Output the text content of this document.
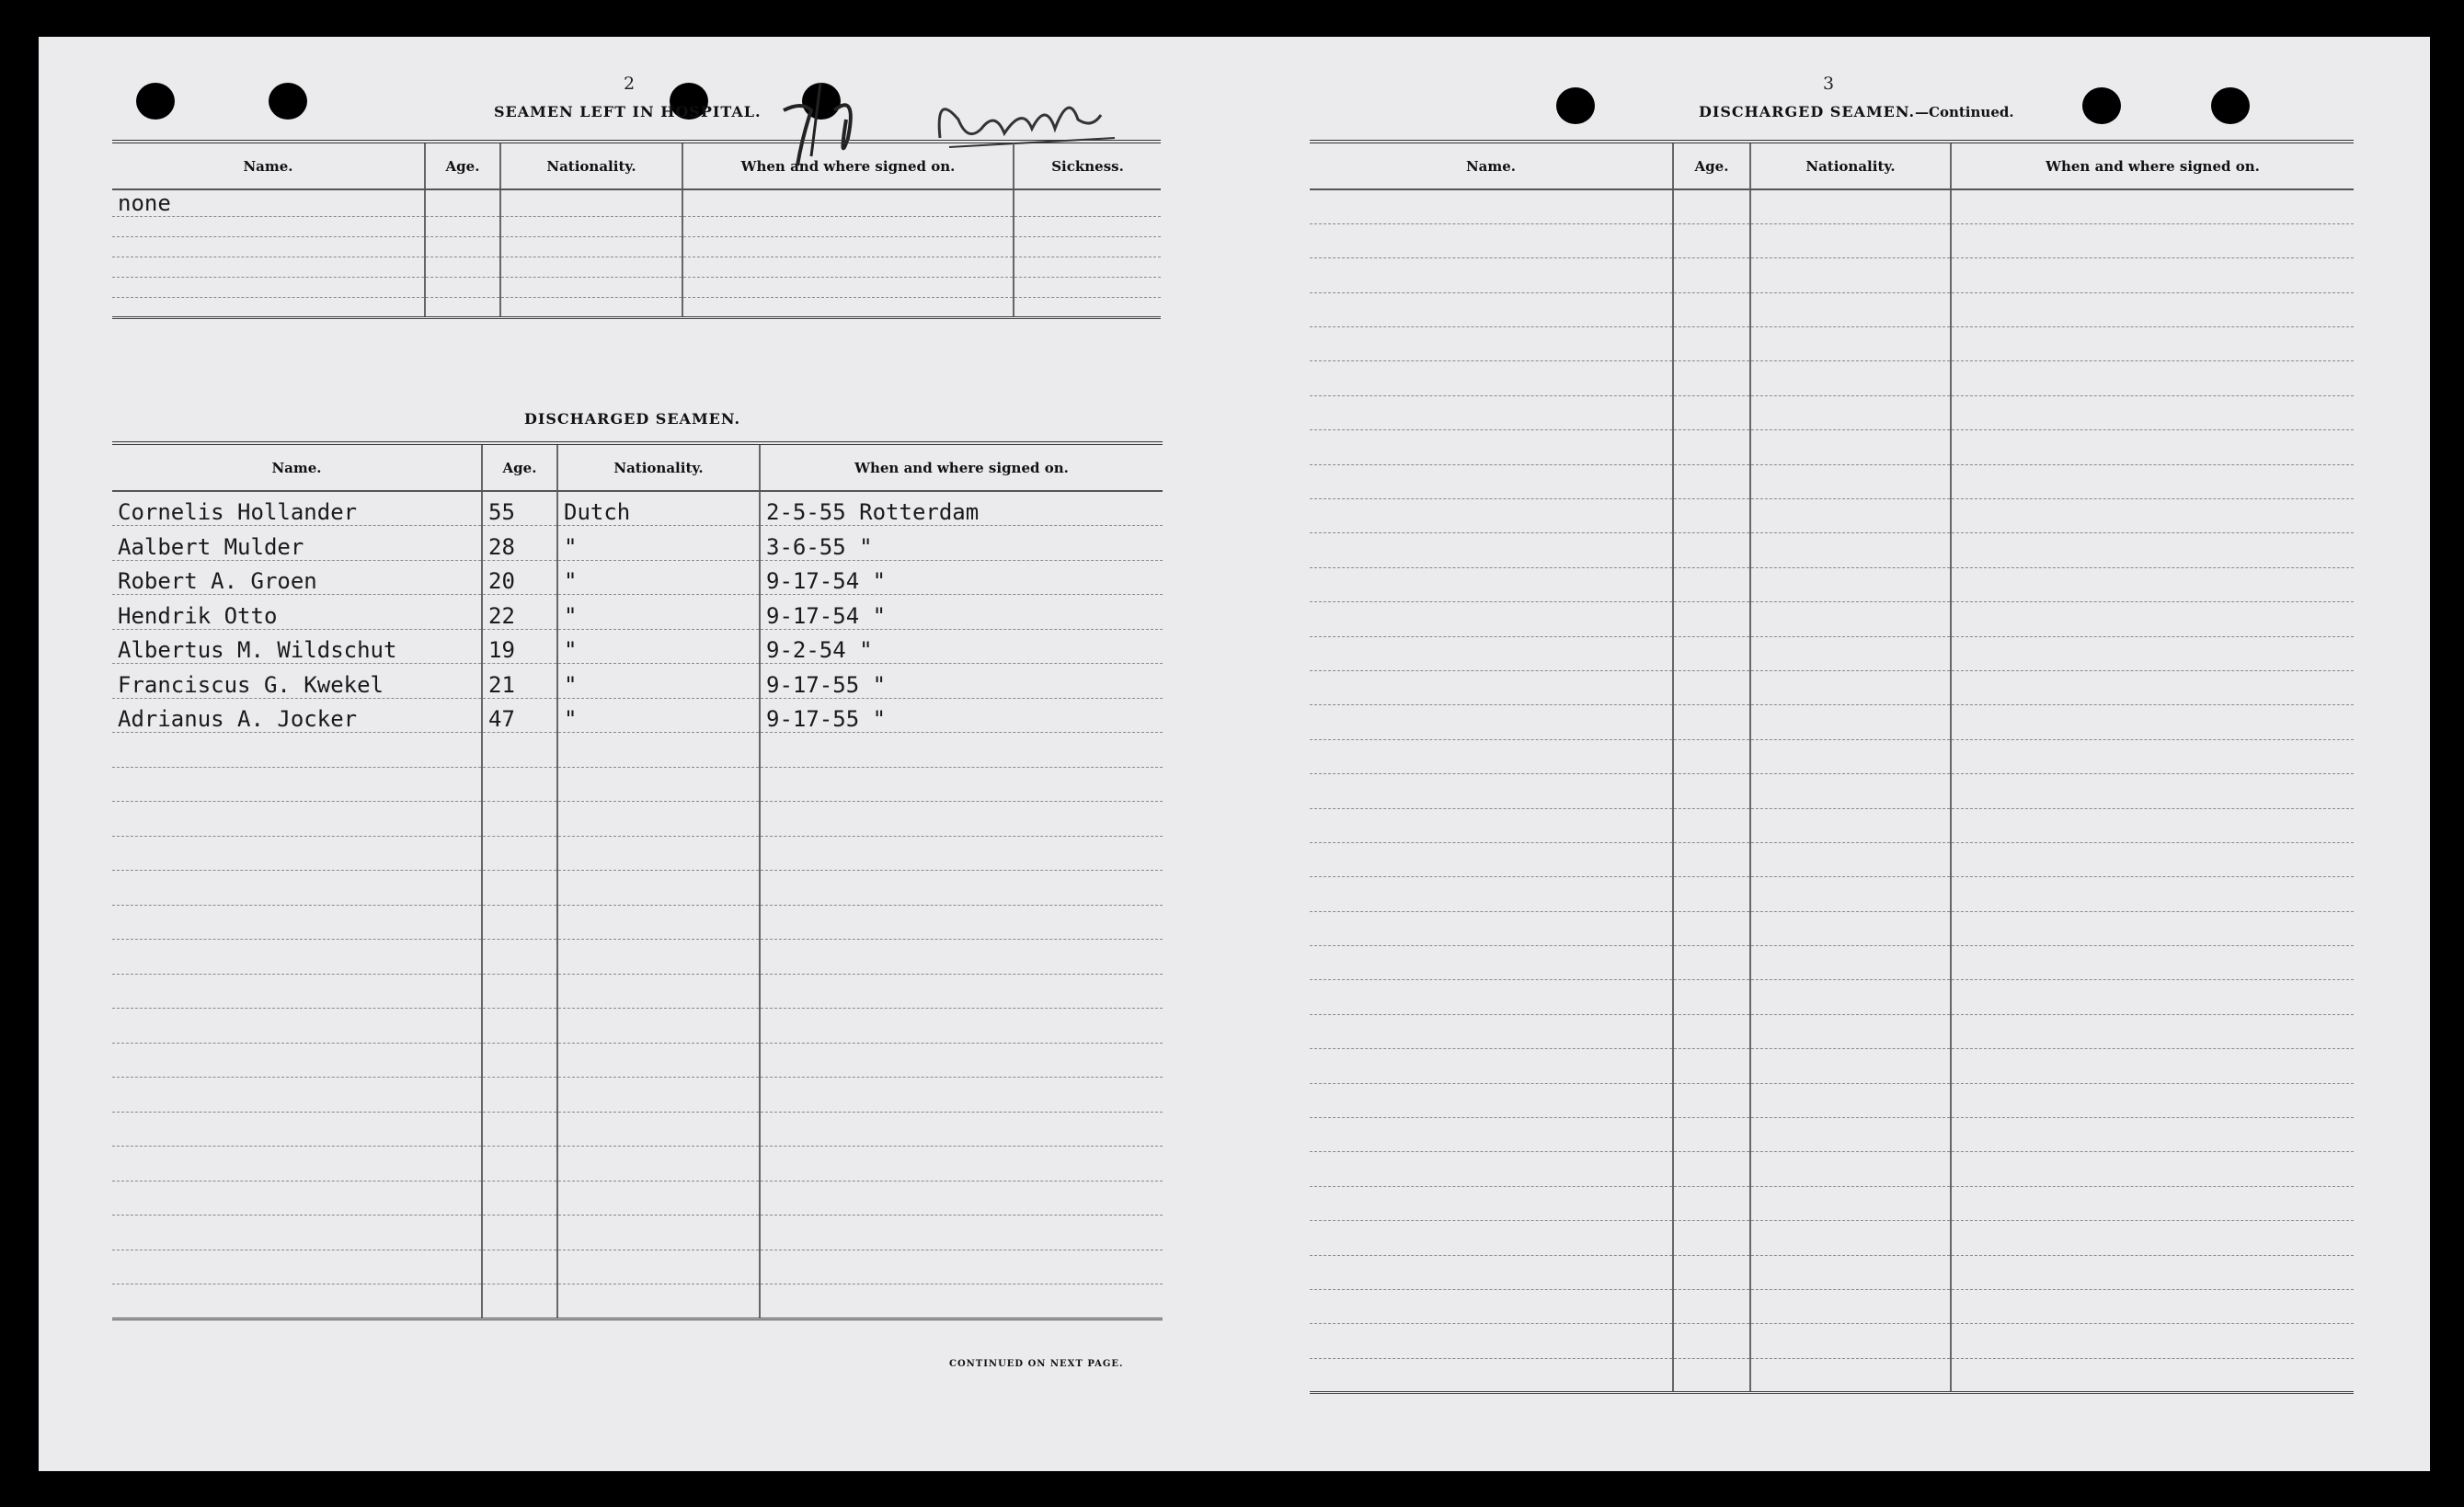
2
SEAMEN LEFT IN HOSPITAL.
Name.	Age.	Nationality.	When and where signed on.	Sickness.
none				

DISCHARGED SEAMEN.
Name.	Age.	Nationality.	When and where signed on.
Cornelis Hollander	55	Dutch	2-5-55 Rotterdam
Aalbert Mulder	28	"	3-6-55 "
Robert A. Groen	20	"	9-17-54 "
Hendrik Otto	22	"	9-17-54 "
Albertus M. Wildschut	19	"	9-2-54 "
Franciscus G. Kwekel	21	"	9-17-55 "
Adrianus A. Jocker	47	"	9-17-55 "

CONTINUED ON NEXT PAGE.
3
DISCHARGED SEAMEN.—Continued.
Name.	Age.	Nationality.	When and where signed on.
